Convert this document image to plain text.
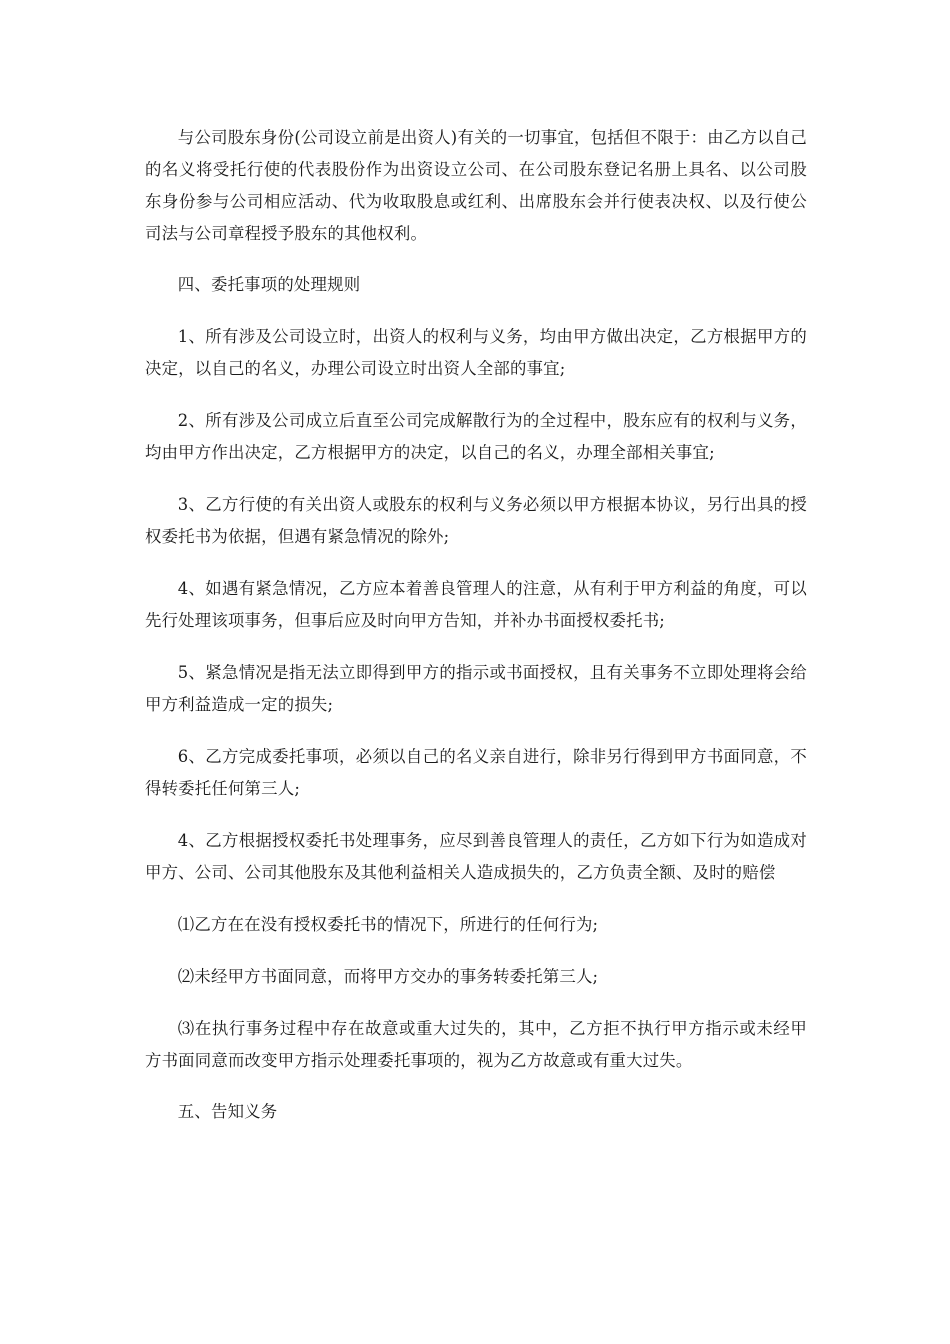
与公司股东身份(公司设立前是出资人)有关的一切事宜，包括但不限于：由乙方以自己的名义将受托行使的代表股份作为出资设立公司、在公司股东登记名册上具名、以公司股东身份参与公司相应活动、代为收取股息或红利、出席股东会并行使表决权、以及行使公司法与公司章程授予股东的其他权利。

四、委托事项的处理规则

1、所有涉及公司设立时，出资人的权利与义务，均由甲方做出决定，乙方根据甲方的决定，以自己的名义，办理公司设立时出资人全部的事宜;

2、所有涉及公司成立后直至公司完成解散行为的全过程中，股东应有的权利与义务，均由甲方作出决定，乙方根据甲方的决定，以自己的名义，办理全部相关事宜;

3、乙方行使的有关出资人或股东的权利与义务必须以甲方根据本协议，另行出具的授权委托书为依据，但遇有紧急情况的除外;

4、如遇有紧急情况，乙方应本着善良管理人的注意，从有利于甲方利益的角度，可以先行处理该项事务，但事后应及时向甲方告知，并补办书面授权委托书;

5、紧急情况是指无法立即得到甲方的指示或书面授权，且有关事务不立即处理将会给甲方利益造成一定的损失;

6、乙方完成委托事项，必须以自己的名义亲自进行，除非另行得到甲方书面同意，不得转委托任何第三人;

4、乙方根据授权委托书处理事务，应尽到善良管理人的责任，乙方如下行为如造成对甲方、公司、公司其他股东及其他利益相关人造成损失的，乙方负责全额、及时的赔偿

⑴乙方在在没有授权委托书的情况下，所进行的任何行为;

⑵未经甲方书面同意，而将甲方交办的事务转委托第三人;

⑶在执行事务过程中存在故意或重大过失的，其中，乙方拒不执行甲方指示或未经甲方书面同意而改变甲方指示处理委托事项的，视为乙方故意或有重大过失。

五、告知义务
